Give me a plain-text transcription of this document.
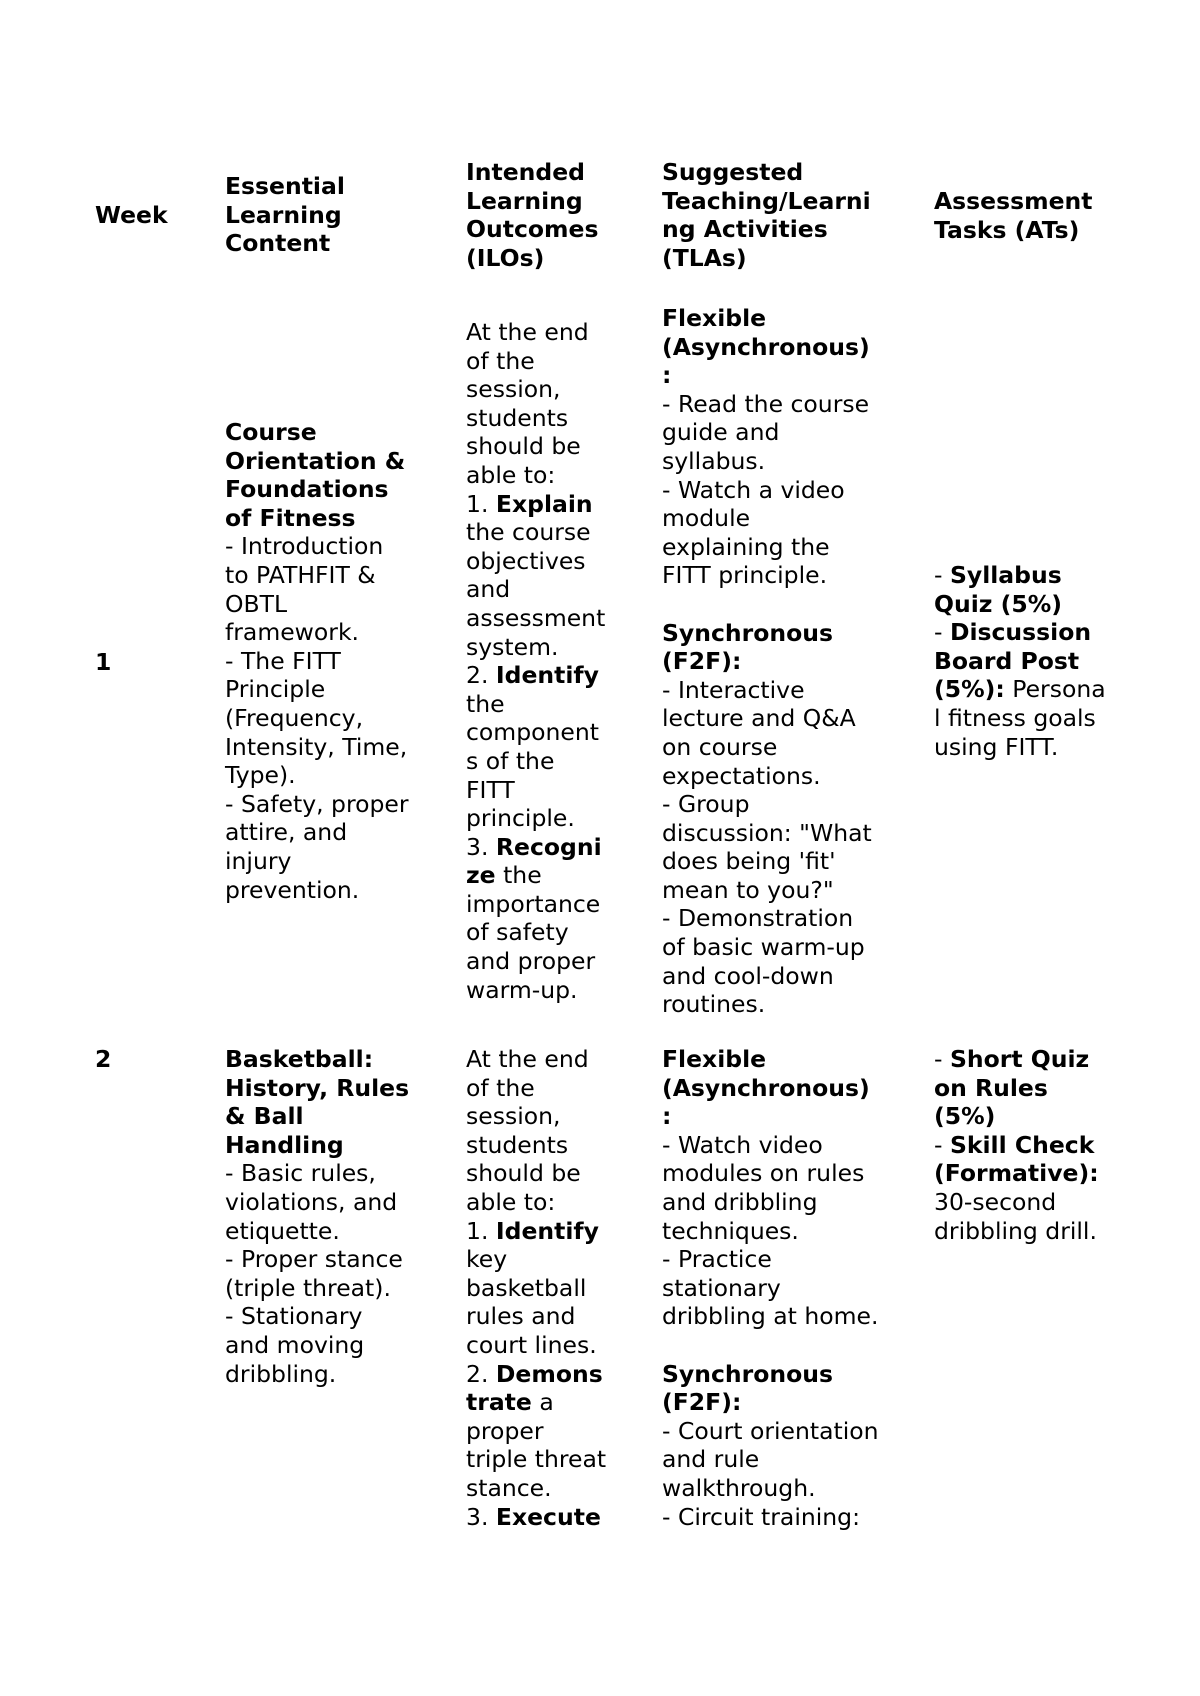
Week
Essential
Learning
Content
Intended
Learning
Outcomes
(ILOs)
Suggested
Teaching/Learni
ng Activities
(TLAs)
Assessment
Tasks (ATs)
1
Course
Orientation &
Foundations
of Fitness
- Introduction
to PATHFIT &
OBTL
framework.
- The FITT
Principle
(Frequency,
Intensity, Time,
Type).
- Safety, proper
attire, and
injury
prevention.
At the end
of the
session,
students
should be
able to:
1. Explain
the course
objectives
and
assessment
system.
2. Identify
the
component
s of the
FITT
principle.
3. Recogni
ze the
importance
of safety
and proper
warm-up.
Flexible
(Asynchronous)
:
- Read the course
guide and
syllabus.
- Watch a video
module
explaining the
FITT principle.
Synchronous
(F2F):
- Interactive
lecture and Q&A
on course
expectations.
- Group
discussion: "What
does being 'fit'
mean to you?"
- Demonstration
of basic warm-up
and cool-down
routines.
- Syllabus
Quiz (5%)
- Discussion
Board Post
(5%): Persona
l fitness goals
using FITT.
2	Basketball:
History, Rules
& Ball
Handling
- Basic rules,
violations, and
etiquette.
- Proper stance
(triple threat).
- Stationary
and moving
dribbling.
At the end
of the
session,
students
should be
able to:
1. Identify
key
basketball
rules and
court lines.
2. Demons
trate a
proper
triple threat
stance.
3. Execute
Flexible
(Asynchronous)
:
- Watch video
modules on rules
and dribbling
techniques.
- Practice
stationary
dribbling at home.
Synchronous
(F2F):
- Court orientation
and rule
walkthrough.
- Circuit training:
- Short Quiz
on Rules
(5%)
- Skill Check
(Formative):
30-second
dribbling drill.
